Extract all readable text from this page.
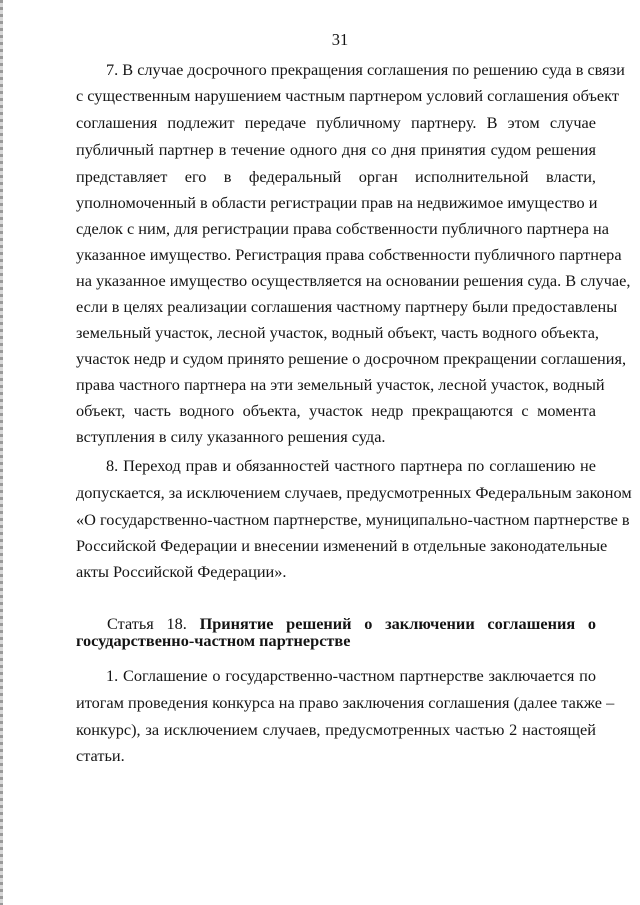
31
7. В случае досрочного прекращения соглашения по решению суда в связи
с существенным нарушением частным партнером условий соглашения объект
соглашения подлежит передаче публичному партнеру. В этом случае
публичный партнер в течение одного дня со дня принятия судом решения
представляет его в федеральный орган исполнительной власти,
уполномоченный в области регистрации прав на недвижимое имущество и
сделок с ним, для регистрации права собственности публичного партнера на
указанное имущество. Регистрация права собственности публичного партнера
на указанное имущество осуществляется на основании решения суда. В случае,
если в целях реализации соглашения частному партнеру были предоставлены
земельный участок, лесной участок, водный объект, часть водного объекта,
участок недр и судом принято решение о досрочном прекращении соглашения,
права частного партнера на эти земельный участок, лесной участок, водный
объект, часть водного объекта, участок недр прекращаются с момента
вступления в силу указанного решения суда.
8. Переход прав и обязанностей частного партнера по соглашению не
допускается, за исключением случаев, предусмотренных Федеральным законом
«О государственно-частном партнерстве, муниципально-частном партнерстве в
Российской Федерации и внесении изменений в отдельные законодательные
акты Российской Федерации».
Статья 18. Принятие решений о заключении соглашения о
государственно-частном партнерстве
1. Соглашение о государственно-частном партнерстве заключается по
итогам проведения конкурса на право заключения соглашения (далее также –
конкурс), за исключением случаев, предусмотренных частью 2 настоящей
статьи.
